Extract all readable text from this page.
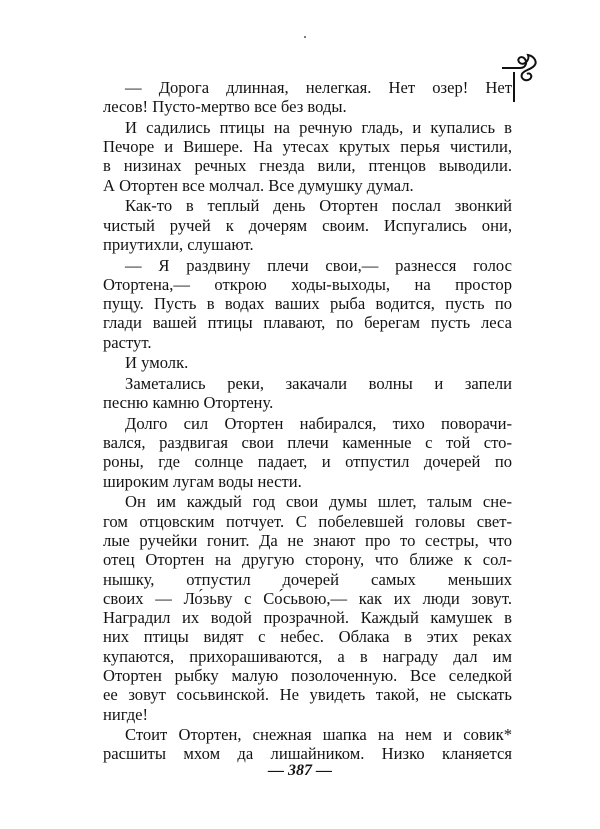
— Дорога длинная, нелегкая. Нет озер! Нет
лесов! Пусто-мертво все без воды.
И садились птицы на речную гладь, и купались в
Печоре и Вишере. На утесах крутых перья чистили,
в низинах речных гнезда вили, птенцов выводили.
А Отортен все молчал. Все думушку думал.
Как-то в теплый день Отортен послал звонкий
чистый ручей к дочерям своим. Испугались они,
приутихли, слушают.
— Я раздвину плечи свои,— разнесся голос
Отортена,— открою ходы-выходы, на простор
пущу. Пусть в водах ваших рыба водится, пусть по
глади вашей птицы плавают, по берегам пусть леса
растут.
И умолк.
Заметались реки, закачали волны и запели
песню камню Отортену.
Долго сил Отортен набирался, тихо поворачи-
вался, раздвигая свои плечи каменные с той сто-
роны, где солнце падает, и отпустил дочерей по
широким лугам воды нести.
Он им каждый год свои думы шлет, талым сне-
гом отцовским потчует. С побелевшей головы свет-
лые ручейки гонит. Да не знают про то сестры, что
отец Отортен на другую сторону, что ближе к сол-
нышку, отпустил дочерей самых меньших
своих — Ло́зьву с Со́сьвою,— как их люди зовут.
Наградил их водой прозрачной. Каждый камушек в
них птицы видят с небес. Облака в этих реках
купаются, прихорашиваются, а в награду дал им
Отортен рыбку малую позолоченную. Все селедкой
ее зовут сосьвинской. Не увидеть такой, не сыскать
нигде!
Стоит Отортен, снежная шапка на нем и совик*
расшиты мхом да лишайником. Низко кланяется
— 387 —
